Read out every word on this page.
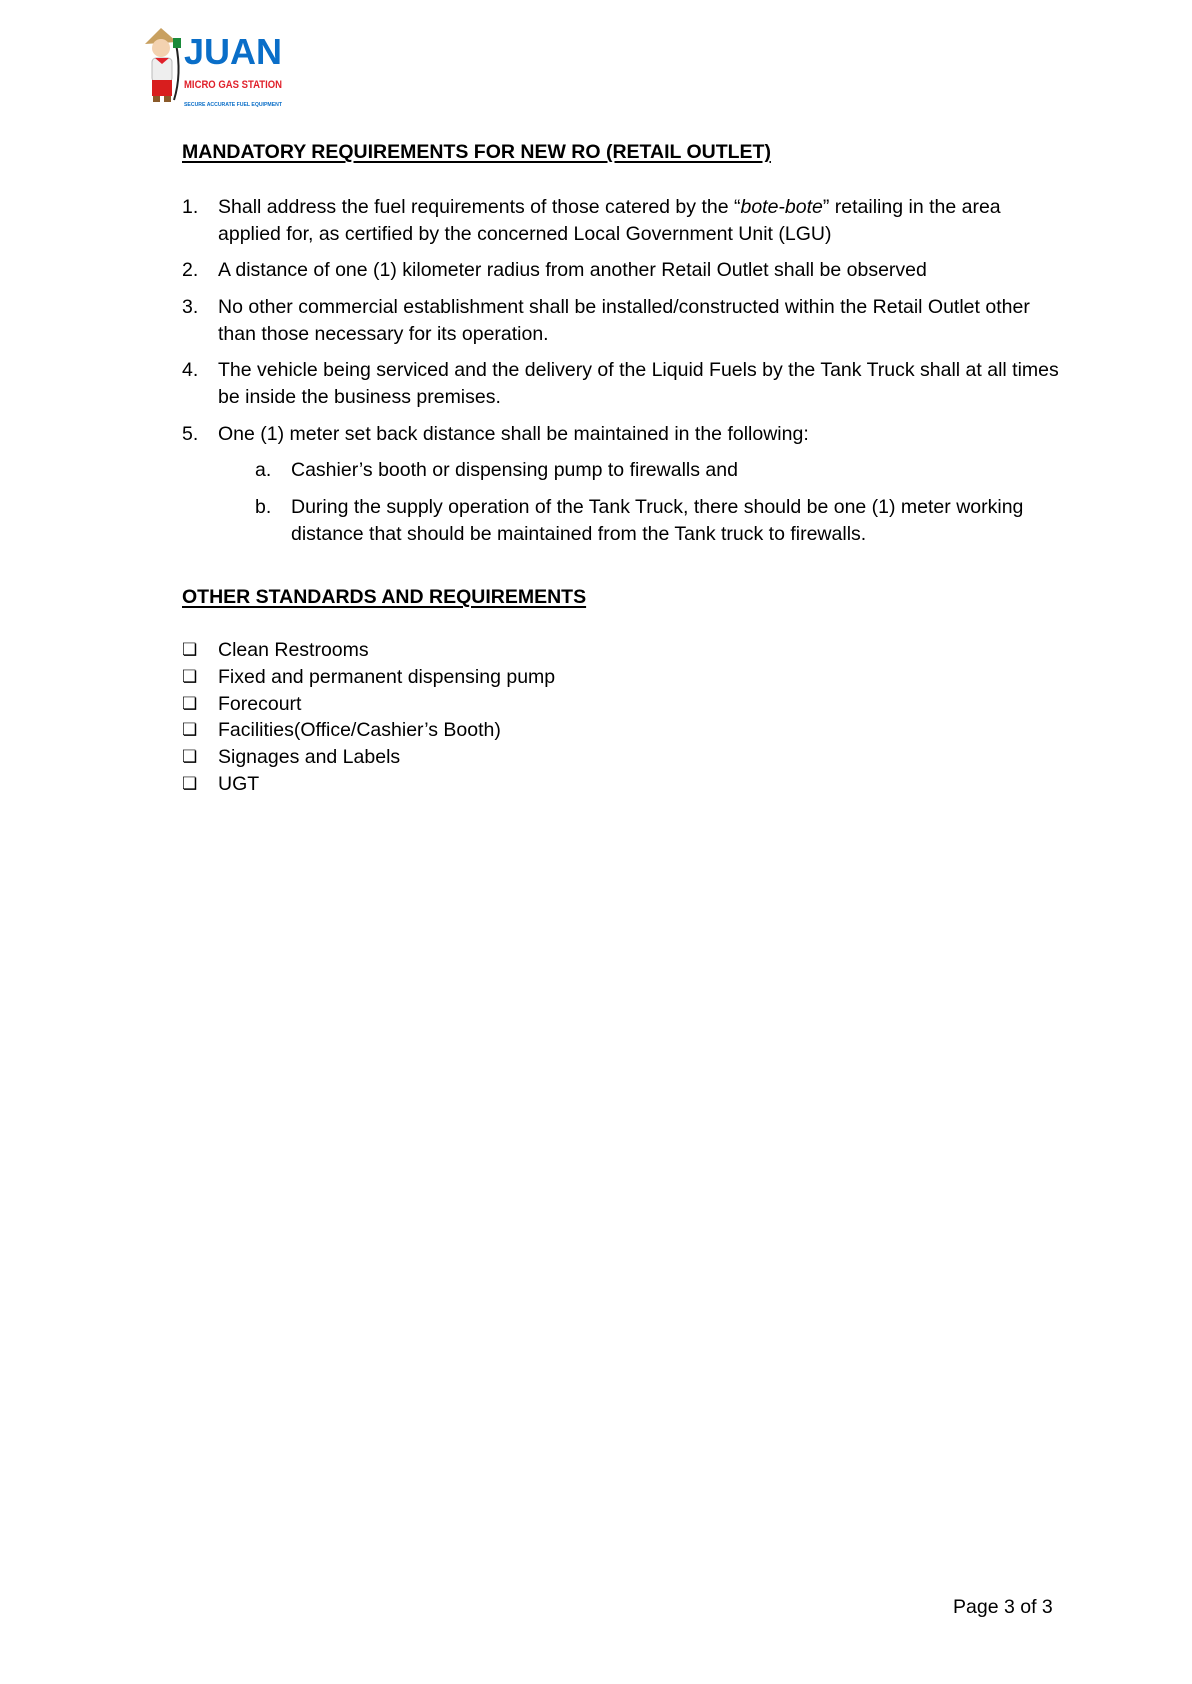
JUAN
MICRO GAS STATION
SECURE ACCURATE FUEL EQUIPMENT
MANDATORY REQUIREMENTS FOR NEW RO (RETAIL OUTLET)
1.	Shall address the fuel requirements of those catered by the “bote-bote” retailing in the area applied for, as certified by the concerned Local Government Unit (LGU)
2.	A distance of one (1) kilometer radius from another Retail Outlet shall be observed
3.	No other commercial establishment shall be installed/constructed within the Retail Outlet other than those necessary for its operation.
4.	The vehicle being serviced and the delivery of the Liquid Fuels by the Tank Truck shall at all times be inside the business premises.
5.	One (1) meter set back distance shall be maintained in the following:
a.	Cashier’s booth or dispensing pump to firewalls and
b.	During the supply operation of the Tank Truck, there should be one (1) meter working distance that should be maintained from the Tank truck to firewalls.
OTHER STANDARDS AND REQUIREMENTS
❏ Clean Restrooms
❏ Fixed and permanent dispensing pump
❏ Forecourt
❏ Facilities(Office/Cashier’s Booth)
❏ Signages and Labels
❏ UGT
Page 3 of 3
